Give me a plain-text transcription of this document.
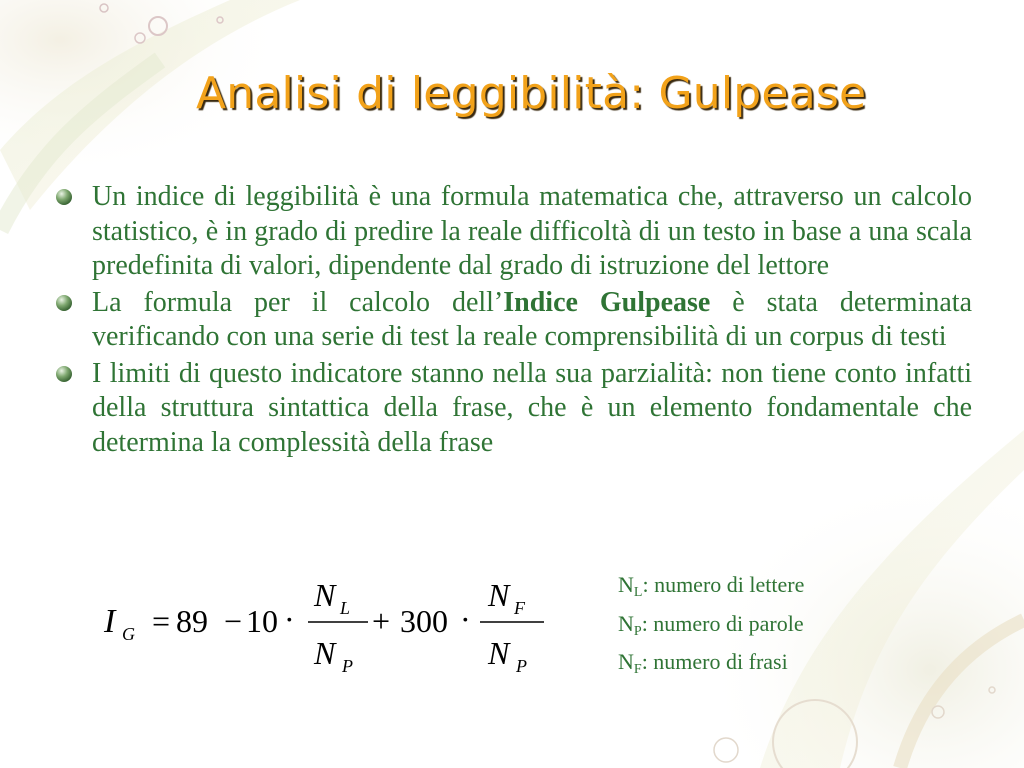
Analisi di leggibilità: Gulpease
Un indice di leggibilità è una formula matematica che, attraverso un calcolo statistico, è in grado di predire la reale difficoltà di un testo in base a una scala predefinita di valori, dipendente dal grado di istruzione del lettore
La formula per il calcolo dell’Indice Gulpease è stata determinata verificando con una serie di test la reale comprensibilità di un corpus di testi
I limiti di questo indicatore stanno nella sua parzialità: non tiene conto infatti della struttura sintattica della frase, che è un elemento fondamentale che determina la complessità della frase
I G = 89 − 10 ·
N L
N P
+ 300 ·
N F
N P
$N_L$: numero di lettere
$N_P$: numero di parole
$N_F$: numero di frasi
